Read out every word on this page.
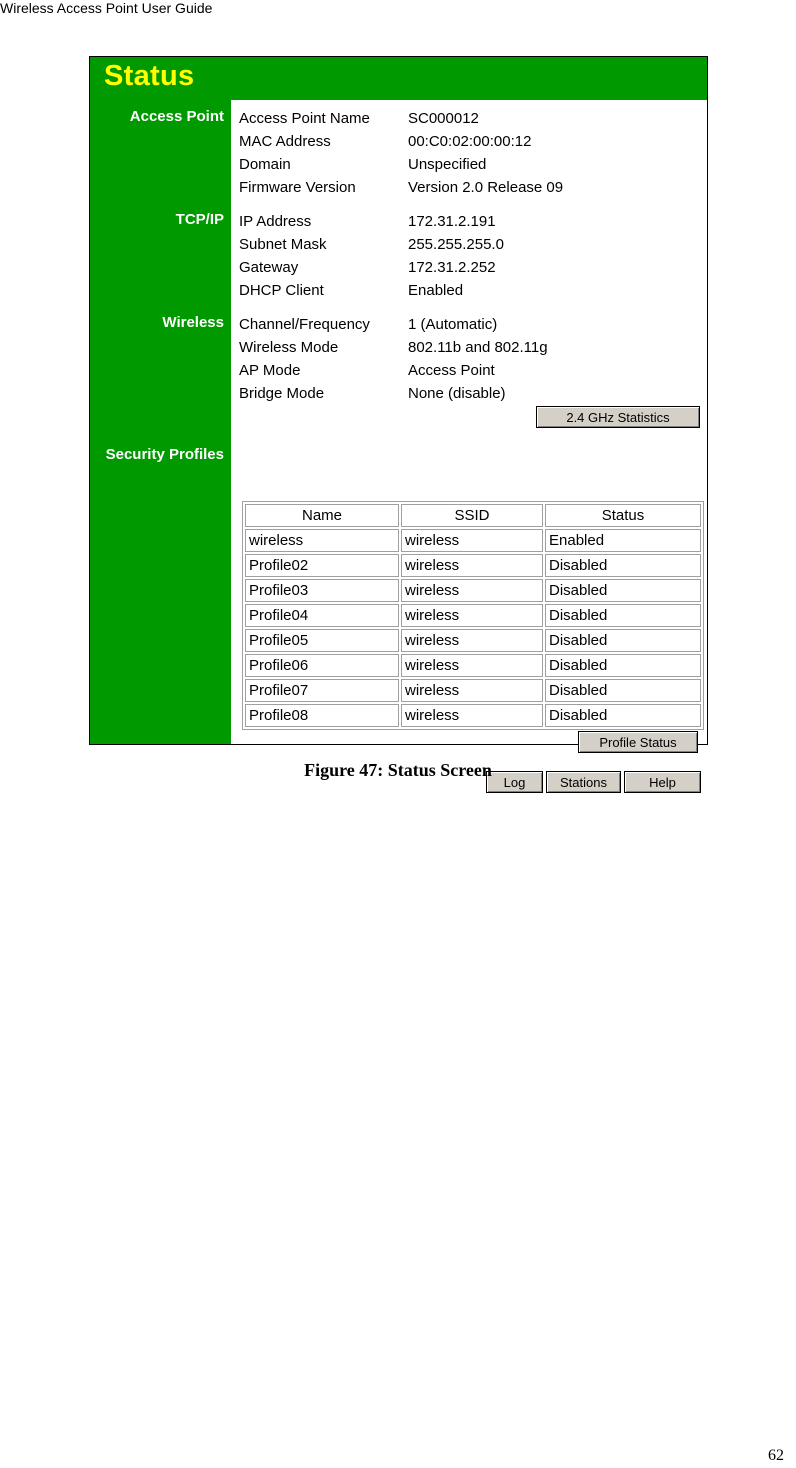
Wireless Access Point User Guide
Status
Access Point
TCP/IP
Wireless
Security Profiles
Access Point Name	SC000012
MAC Address	00:C0:02:00:00:12
Domain	Unspecified
Firmware Version	Version 2.0 Release 09
IP Address	172.31.2.191
Subnet Mask	255.255.255.0
Gateway	172.31.2.252
DHCP Client	Enabled
Channel/Frequency	1 (Automatic)
Wireless Mode	802.11b and 802.11g
AP Mode	Access Point
Bridge Mode	None (disable)
2.4 GHz Statistics
Name	SSID	Status
wireless	wireless	Enabled
Profile02	wireless	Disabled
Profile03	wireless	Disabled
Profile04	wireless	Disabled
Profile05	wireless	Disabled
Profile06	wireless	Disabled
Profile07	wireless	Disabled
Profile08	wireless	Disabled
Profile Status
Log	Stations	Help
Figure 47: Status Screen
62
